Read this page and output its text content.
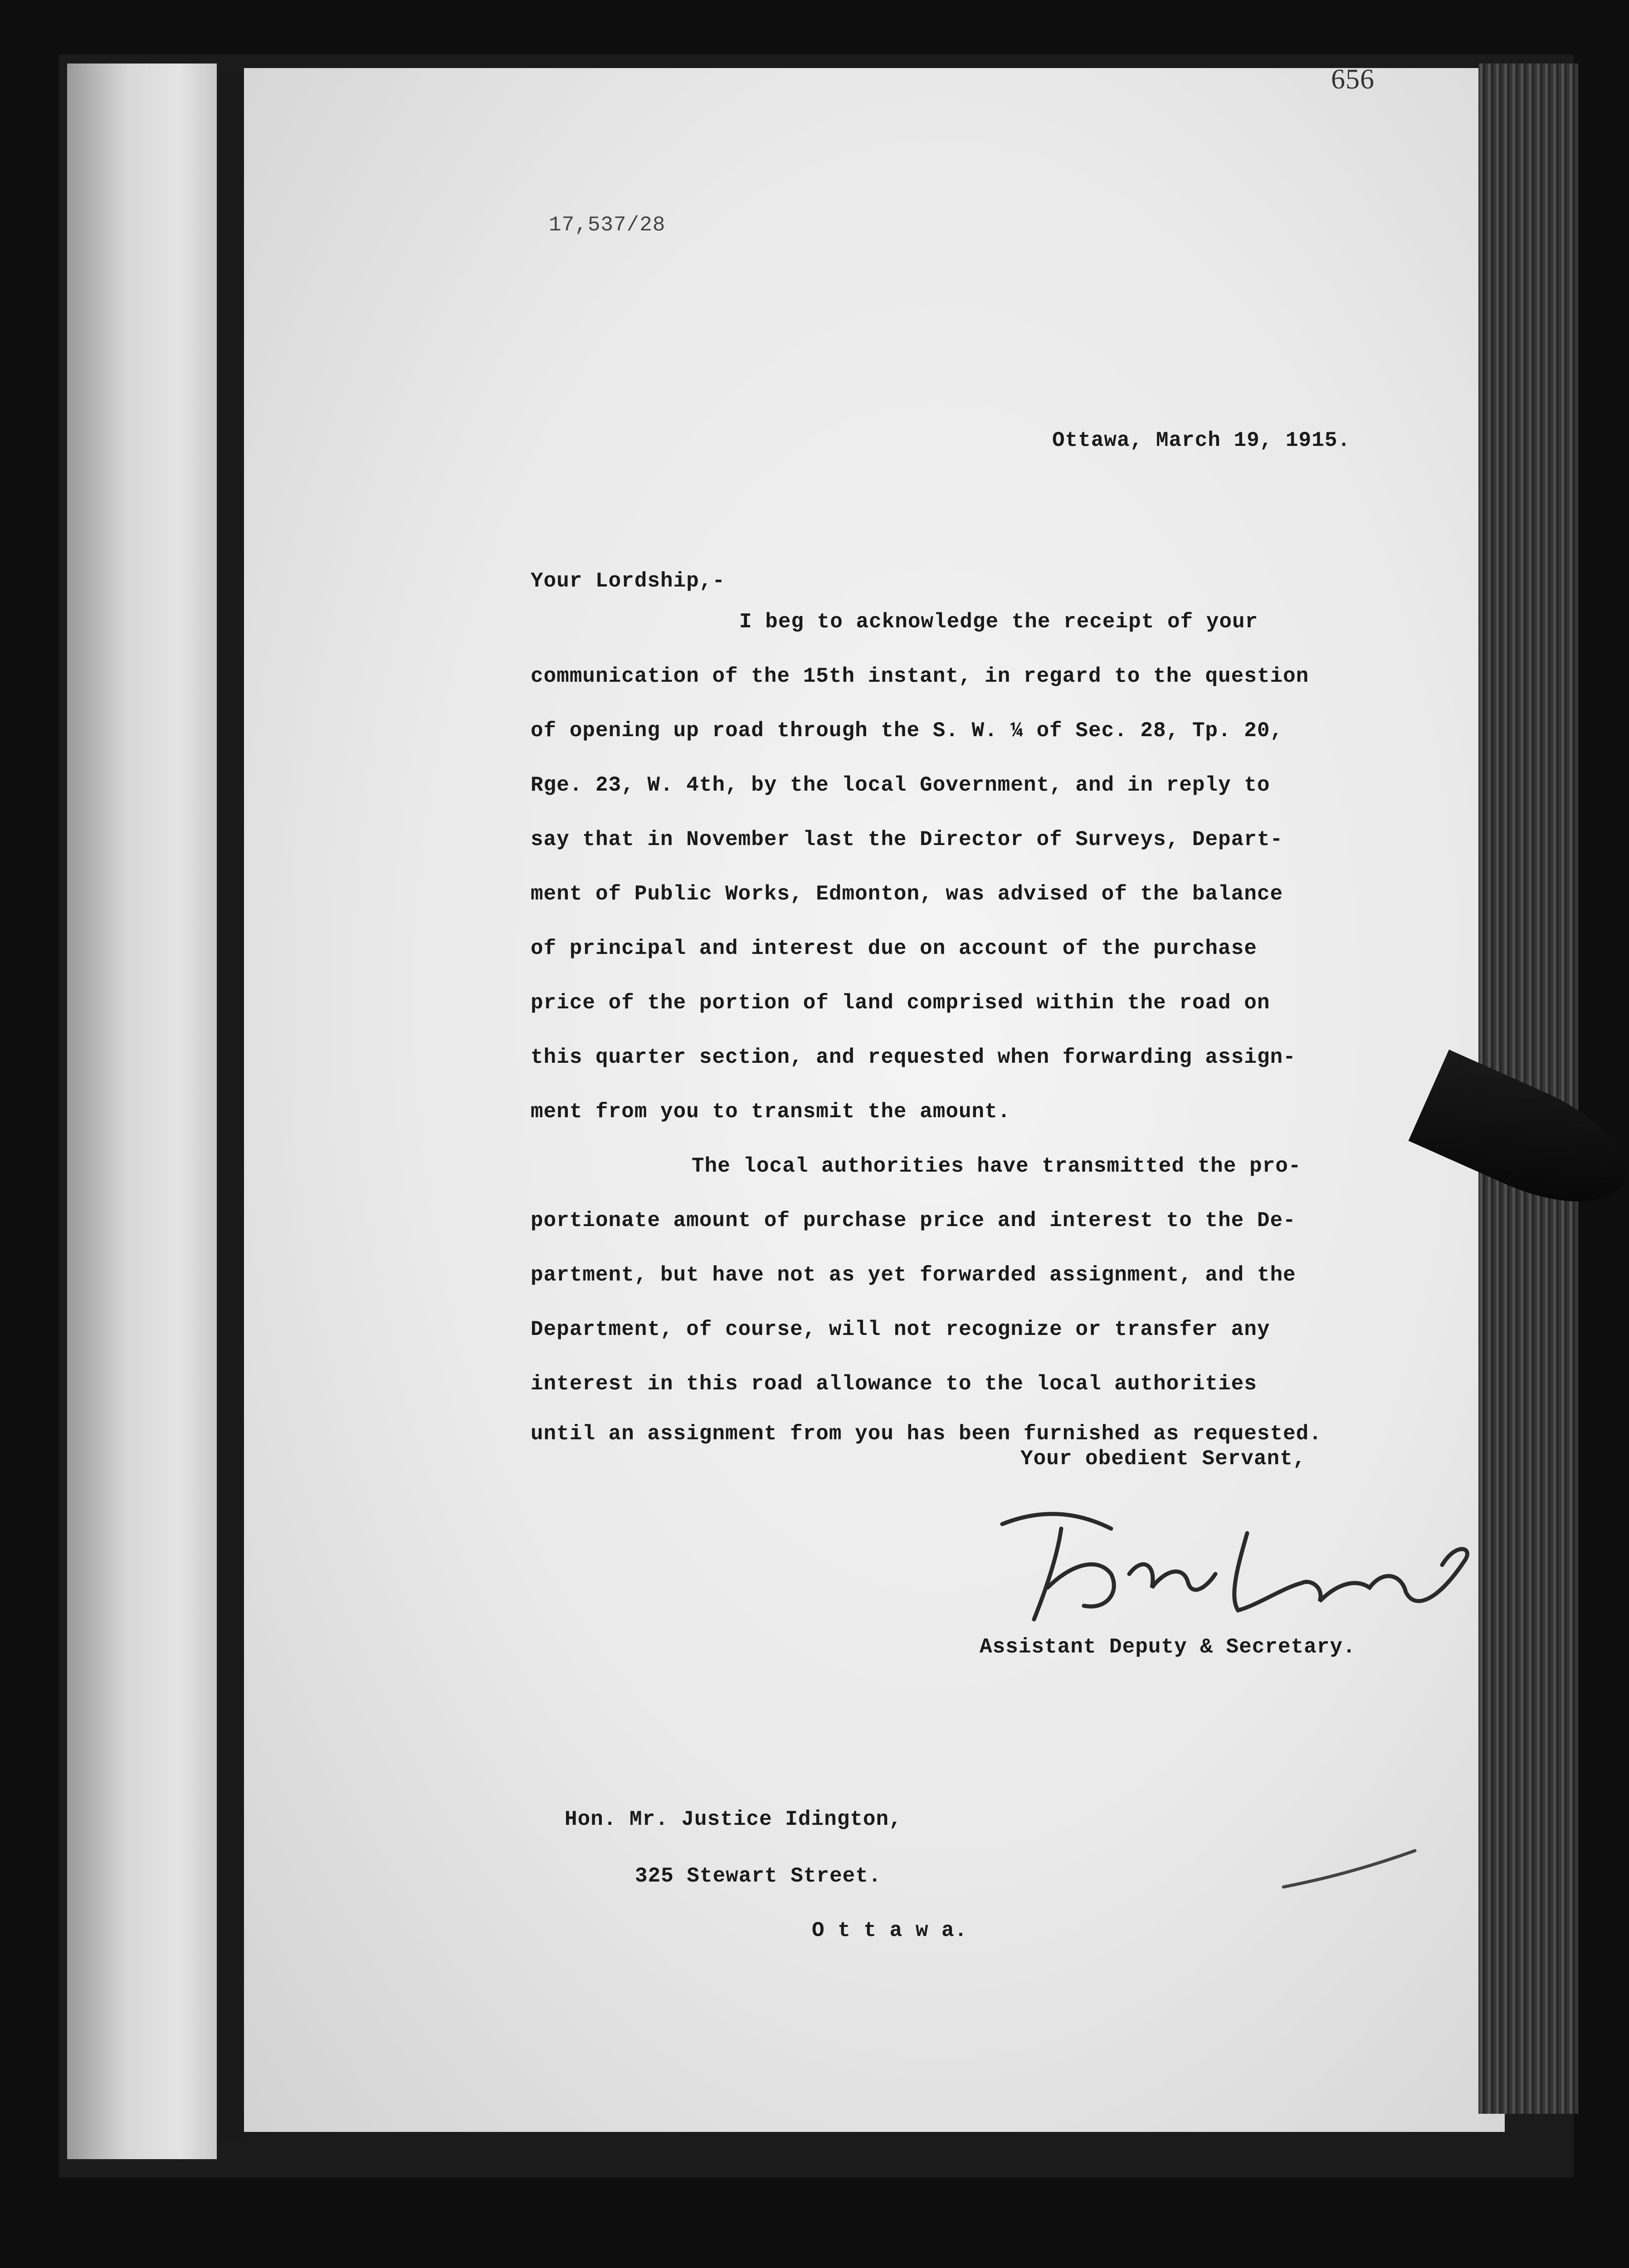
656
17,537/28
Ottawa, March 19, 1915.
Your Lordship,-
I beg to acknowledge the receipt of your
communication of the 15th instant, in regard to the question
of opening up road through the S. W. ¼ of Sec. 28, Tp. 20,
Rge. 23, W. 4th, by the local Government, and in reply to
say that in November last the Director of Surveys, Depart-
ment of Public Works, Edmonton, was advised of the balance
of principal and interest due on account of the purchase
price of the portion of land comprised within the road on
this quarter section, and requested when forwarding assign-
ment from you to transmit the amount.
The local authorities have transmitted the pro-
portionate amount of purchase price and interest to the De-
partment, but have not as yet forwarded assignment, and the
Department, of course, will not recognize or transfer any
interest in this road allowance to the local authorities
until an assignment from you has been furnished as requested.
Your obedient Servant,
Assistant Deputy & Secretary.
Hon. Mr. Justice Idington,
325 Stewart Street.
O t t a w a.
